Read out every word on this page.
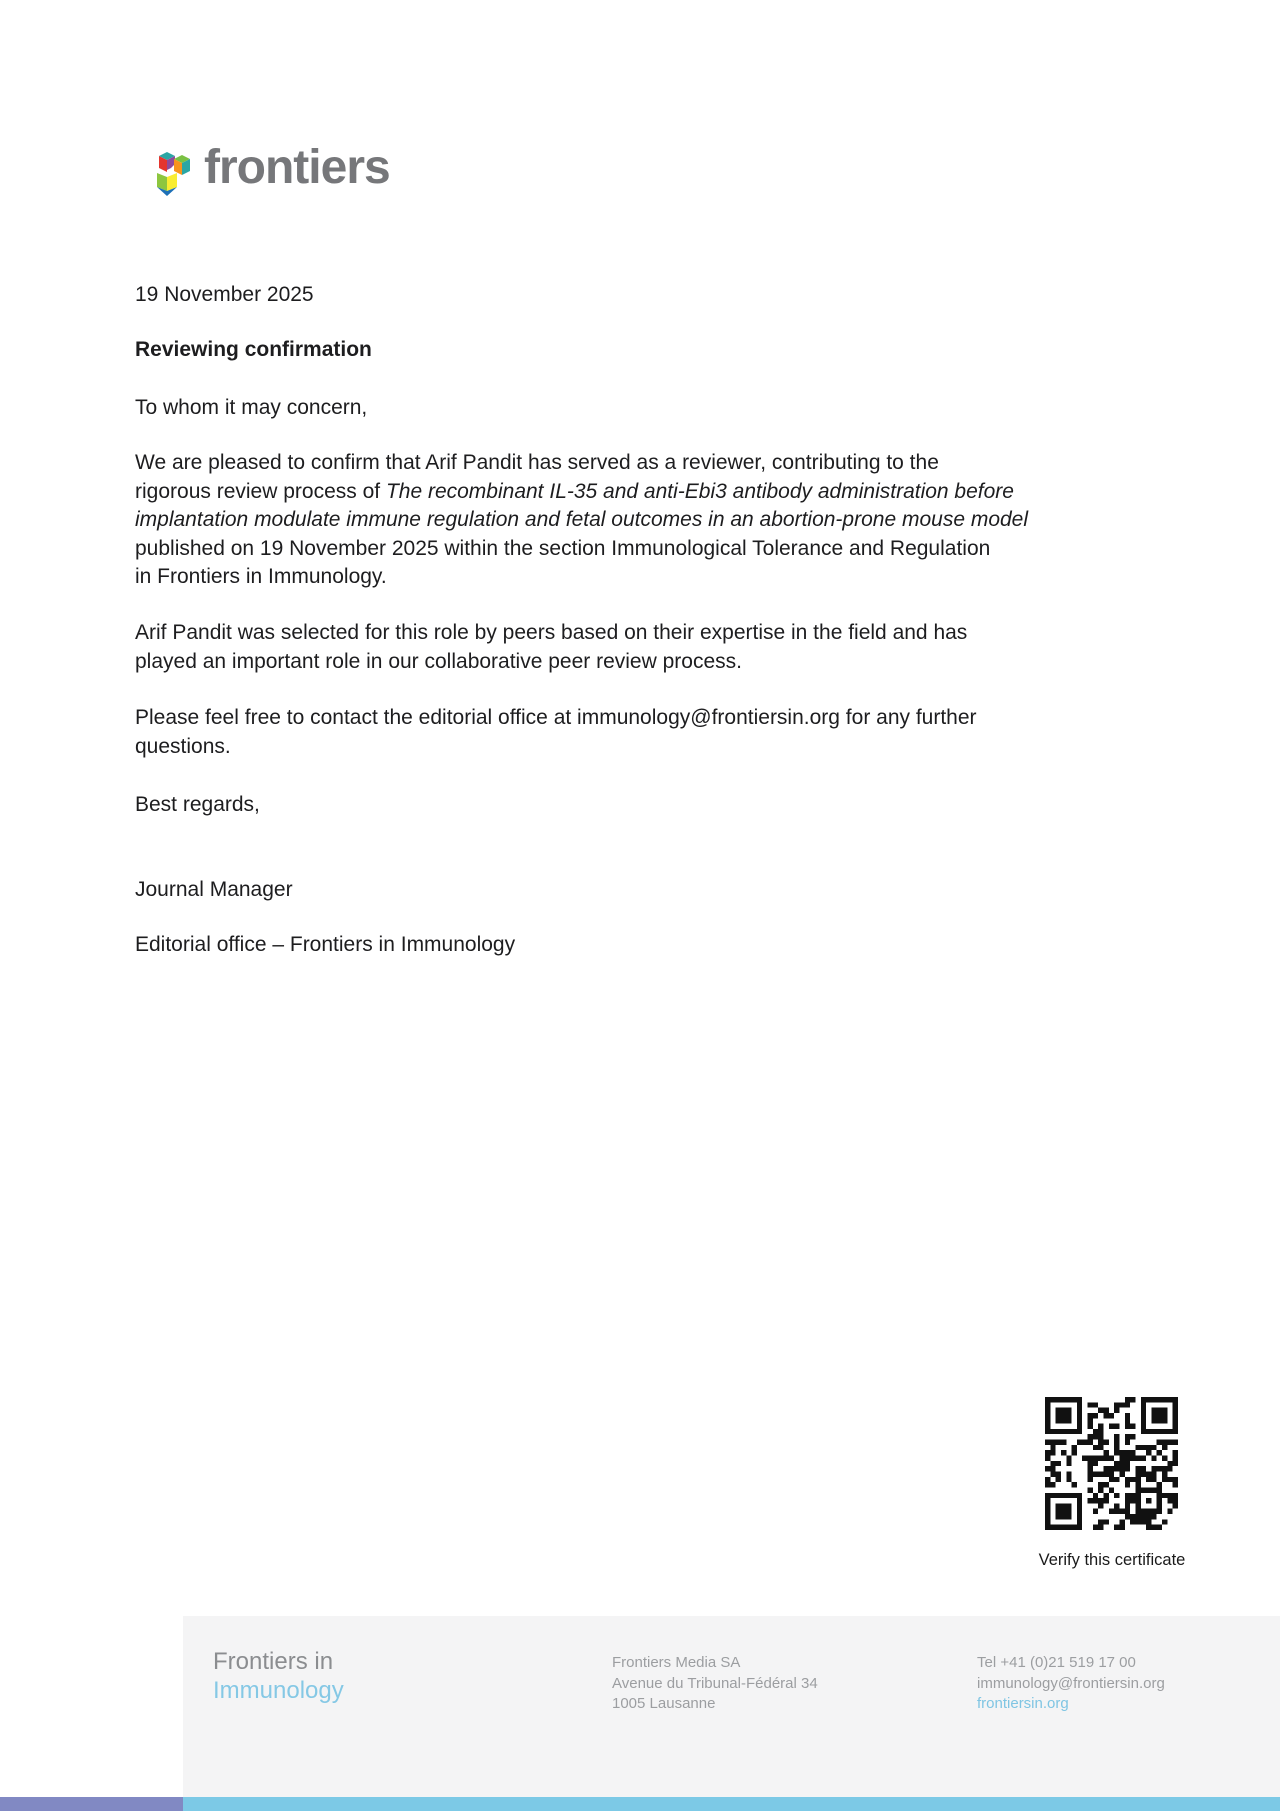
frontiers
19 November 2025
Reviewing confirmation
To whom it may concern,
We are pleased to confirm that Arif Pandit has served as a reviewer, contributing to the
rigorous review process of The recombinant IL-35 and anti-Ebi3 antibody administration before
implantation modulate immune regulation and fetal outcomes in an abortion-prone mouse model
published on 19 November 2025 within the section Immunological Tolerance and Regulation
in Frontiers in Immunology.
Arif Pandit was selected for this role by peers based on their expertise in the field and has
played an important role in our collaborative peer review process.
Please feel free to contact the editorial office at immunology@frontiersin.org for any further
questions.
Best regards,
Journal Manager
Editorial office – Frontiers in Immunology
Verify this certificate
Frontiers in
Immunology
Frontiers Media SA
Avenue du Tribunal-Fédéral 34
1005 Lausanne
Tel +41 (0)21 519 17 00
immunology@frontiersin.org
frontiersin.org
